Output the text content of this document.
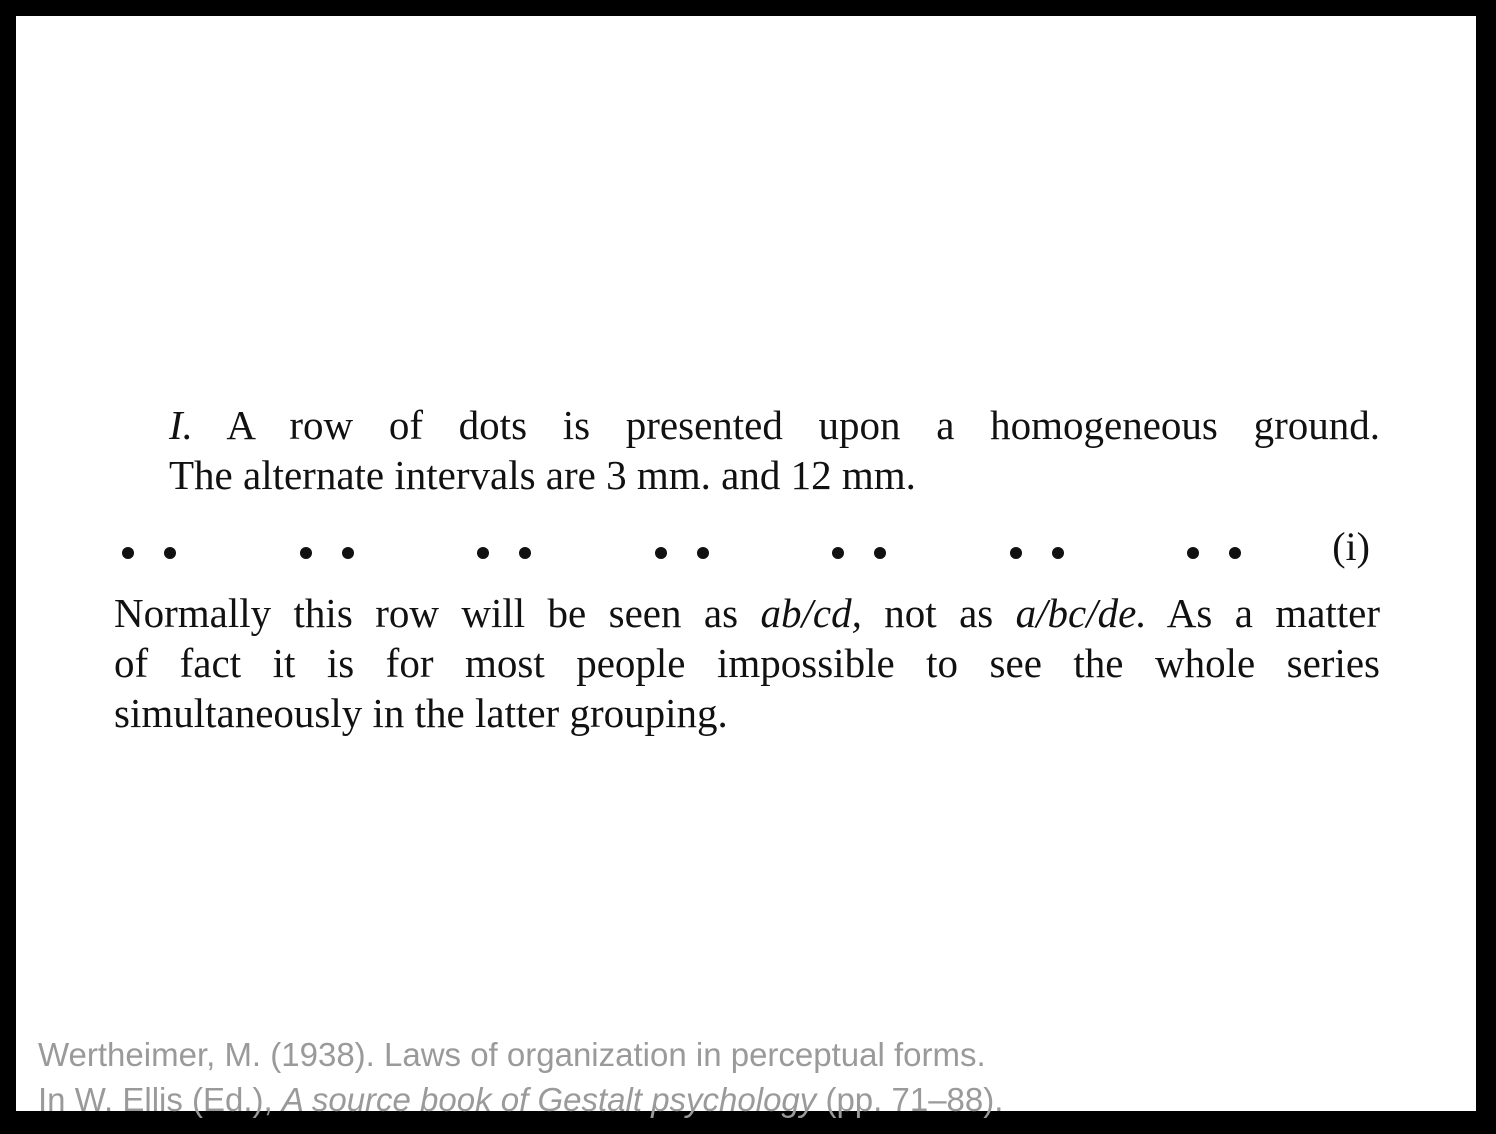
I. A row of dots is presented upon a homogeneous ground.
The alternate intervals are 3 mm. and 12 mm.

(i)

Normally this row will be seen as ab/cd, not as a/bc/de. As a matter
of fact it is for most people impossible to see the whole series
simultaneously in the latter grouping.

Wertheimer, M. (1938). Laws of organization in perceptual forms.
In W. Ellis (Ed.), A source book of Gestalt psychology (pp. 71–88).
